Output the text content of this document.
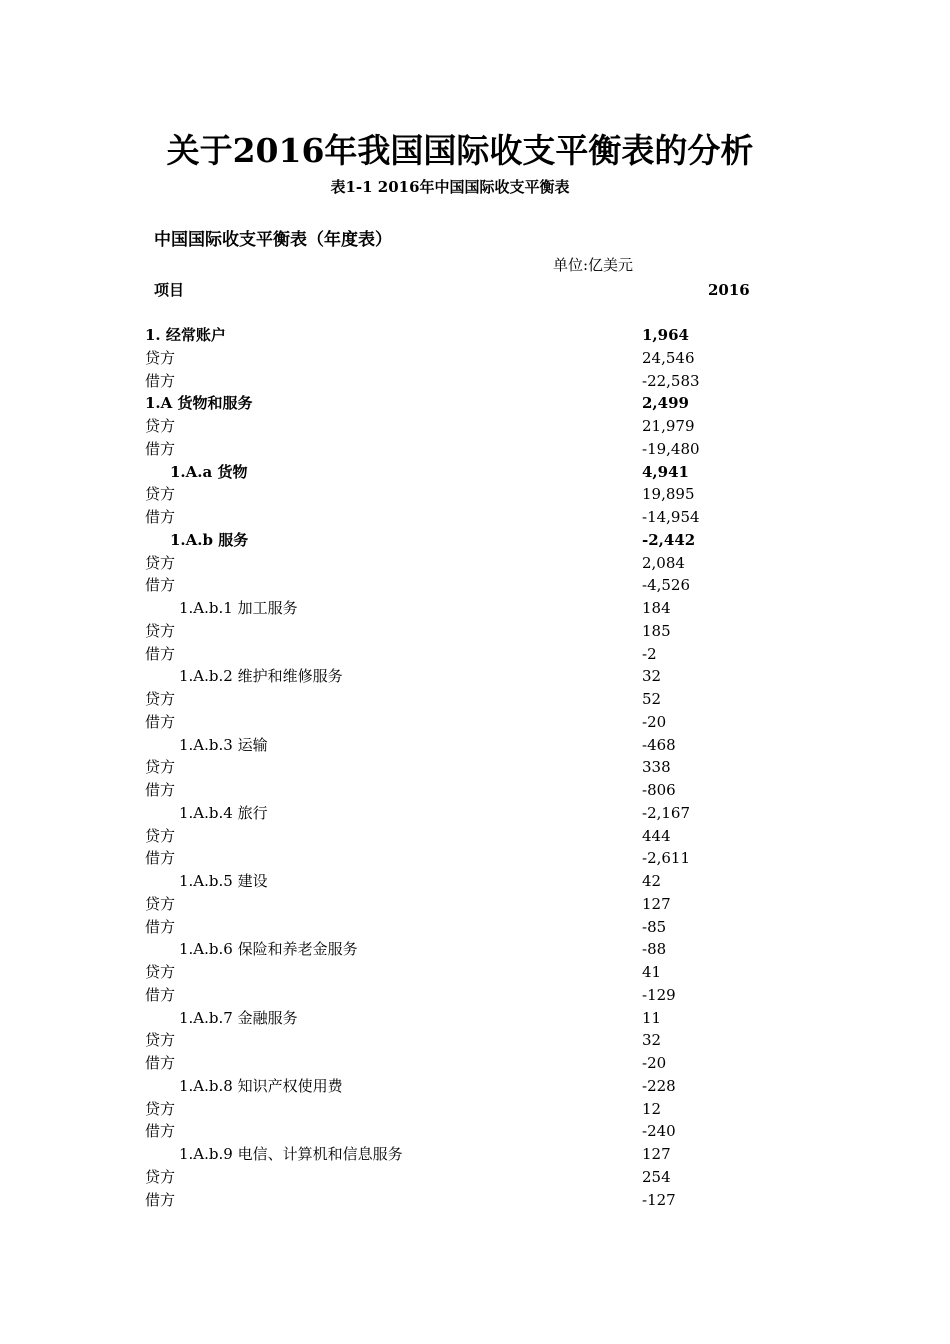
关于2016年我国国际收支平衡表的分析
表1-1 2016年中国国际收支平衡表
中国国际收支平衡表（年度表）
单位:亿美元
项目	2016
1. 经常账户	1,964
贷方	24,546
借方	-22,583
1.A 货物和服务	2,499
贷方	21,979
借方	-19,480
1.A.a 货物	4,941
贷方	19,895
借方	-14,954
1.A.b 服务	-2,442
贷方	2,084
借方	-4,526
1.A.b.1 加工服务	184
贷方	185
借方	-2
1.A.b.2 维护和维修服务	32
贷方	52
借方	-20
1.A.b.3 运输	-468
贷方	338
借方	-806
1.A.b.4 旅行	-2,167
贷方	444
借方	-2,611
1.A.b.5 建设	42
贷方	127
借方	-85
1.A.b.6 保险和养老金服务	-88
贷方	41
借方	-129
1.A.b.7 金融服务	11
贷方	32
借方	-20
1.A.b.8 知识产权使用费	-228
贷方	12
借方	-240
1.A.b.9 电信、计算机和信息服务	127
贷方	254
借方	-127
